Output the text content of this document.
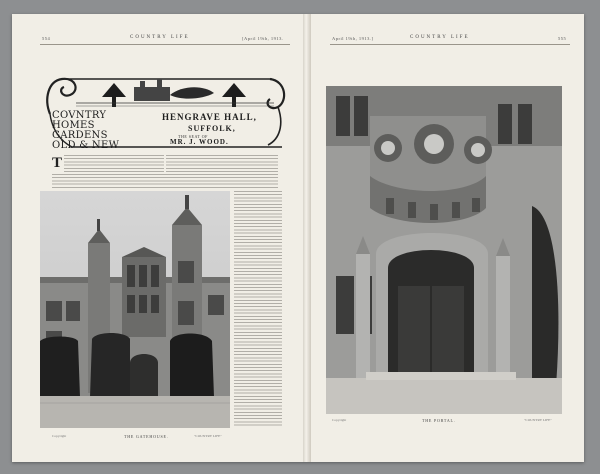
554	COUNTRY LIFE	[April 19th, 1913.
COVNTRY
HOMES
GARDENS
OLD & NEW
HENGRAVE HALL,
SUFFOLK,
THE SEAT OF
MR. J. WOOD.
T
Copyright	THE GATEHOUSE.	"COUNTRY LIFE"
April 19th, 1913.]	COUNTRY LIFE	555
Copyright	THE PORTAL.	"COUNTRY LIFE"
